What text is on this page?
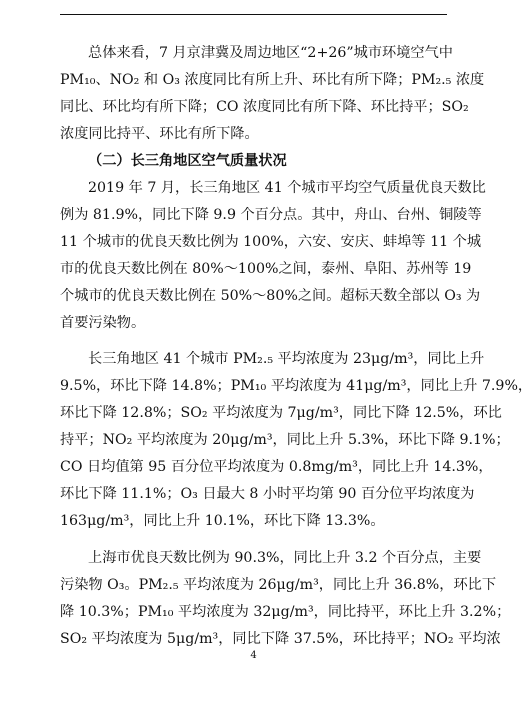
总体来看，7 月京津冀及周边地区“2+26”城市环境空气中
PM₁₀、NO₂ 和 O₃ 浓度同比有所上升、环比有所下降；PM₂.₅ 浓度
同比、环比均有所下降；CO 浓度同比有所下降、环比持平；SO₂
浓度同比持平、环比有所下降。
（二）长三角地区空气质量状况
2019 年 7 月，长三角地区 41 个城市平均空气质量优良天数比
例为 81.9%，同比下降 9.9 个百分点。其中，舟山、台州、铜陵等
11 个城市的优良天数比例为 100%，六安、安庆、蚌埠等 11 个城
市的优良天数比例在 80%～100%之间，泰州、阜阳、苏州等 19
个城市的优良天数比例在 50%～80%之间。超标天数全部以 O₃ 为
首要污染物。
长三角地区 41 个城市 PM₂.₅ 平均浓度为 23μg/m³，同比上升
9.5%，环比下降 14.8%；PM₁₀ 平均浓度为 41μg/m³，同比上升 7.9%，
环比下降 12.8%；SO₂ 平均浓度为 7μg/m³，同比下降 12.5%，环比
持平；NO₂ 平均浓度为 20μg/m³，同比上升 5.3%，环比下降 9.1%；
CO 日均值第 95 百分位平均浓度为 0.8mg/m³，同比上升 14.3%，
环比下降 11.1%；O₃ 日最大 8 小时平均第 90 百分位平均浓度为
163μg/m³，同比上升 10.1%，环比下降 13.3%。
上海市优良天数比例为 90.3%，同比上升 3.2 个百分点，主要
污染物 O₃。PM₂.₅ 平均浓度为 26μg/m³，同比上升 36.8%，环比下
降 10.3%；PM₁₀ 平均浓度为 32μg/m³，同比持平，环比上升 3.2%；
SO₂ 平均浓度为 5μg/m³，同比下降 37.5%，环比持平；NO₂ 平均浓
4
